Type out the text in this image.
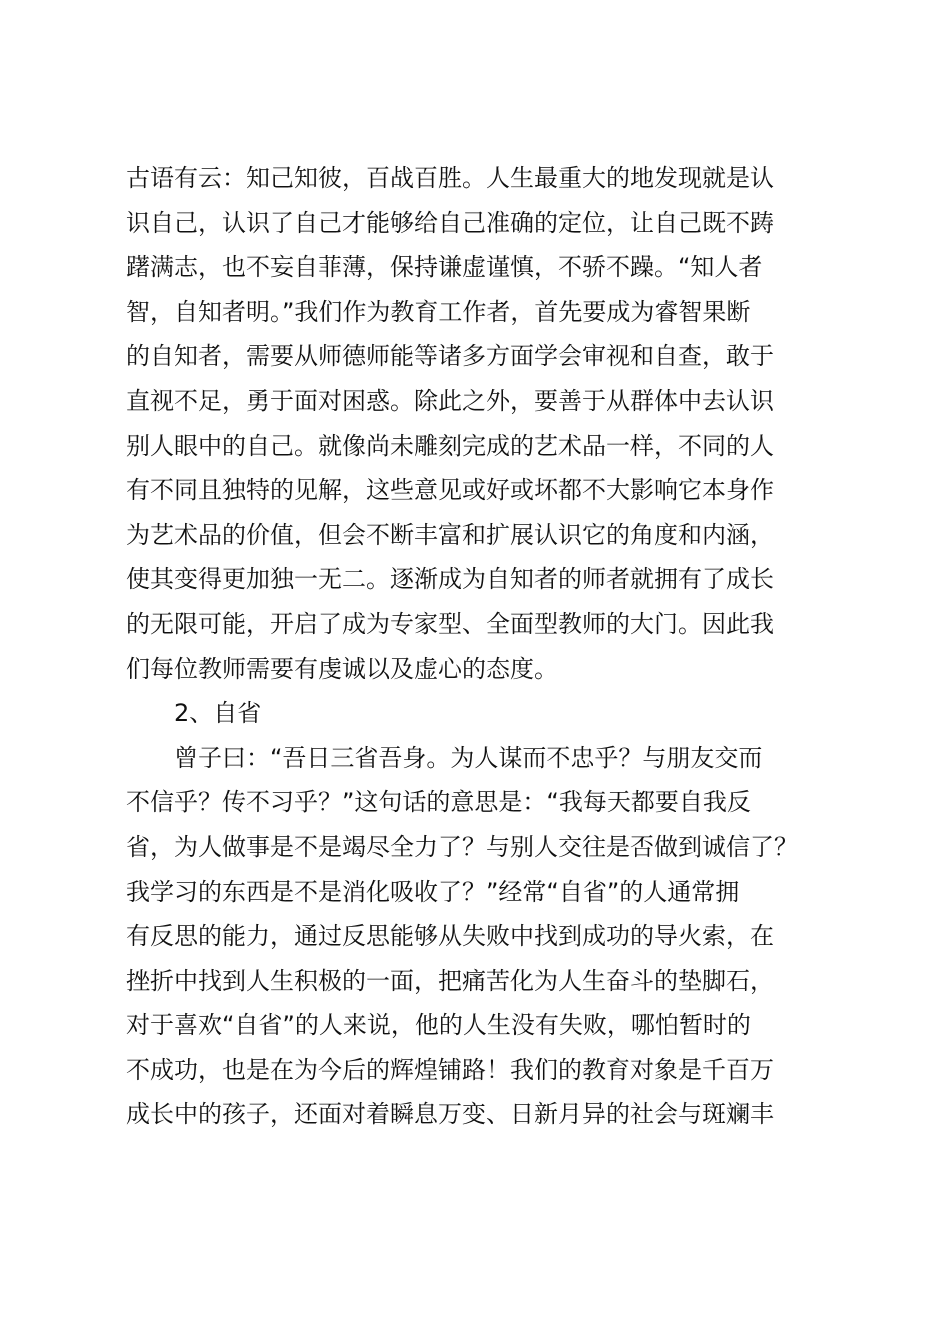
古语有云：知己知彼，百战百胜。人生最重大的地发现就是认
识自己，认识了自己才能够给自己准确的定位，让自己既不踌
躇满志，也不妄自菲薄，保持谦虚谨慎，不骄不躁。“知人者
智，自知者明。”我们作为教育工作者，首先要成为睿智果断
的自知者，需要从师德师能等诸多方面学会审视和自查，敢于
直视不足，勇于面对困惑。除此之外，要善于从群体中去认识
别人眼中的自己。就像尚未雕刻完成的艺术品一样，不同的人
有不同且独特的见解，这些意见或好或坏都不大影响它本身作
为艺术品的价值，但会不断丰富和扩展认识它的角度和内涵，
使其变得更加独一无二。逐渐成为自知者的师者就拥有了成长
的无限可能，开启了成为专家型、全面型教师的大门。因此我
们每位教师需要有虔诚以及虚心的态度。
2、自省
曾子曰：“吾日三省吾身。为人谋而不忠乎？与朋友交而
不信乎？传不习乎？”这句话的意思是：“我每天都要自我反
省，为人做事是不是竭尽全力了？与别人交往是否做到诚信了？
我学习的东西是不是消化吸收了？”经常“自省”的人通常拥
有反思的能力，通过反思能够从失败中找到成功的导火索，在
挫折中找到人生积极的一面，把痛苦化为人生奋斗的垫脚石，
对于喜欢“自省”的人来说，他的人生没有失败，哪怕暂时的
不成功，也是在为今后的辉煌铺路！我们的教育对象是千百万
成长中的孩子，还面对着瞬息万变、日新月异的社会与斑斓丰
